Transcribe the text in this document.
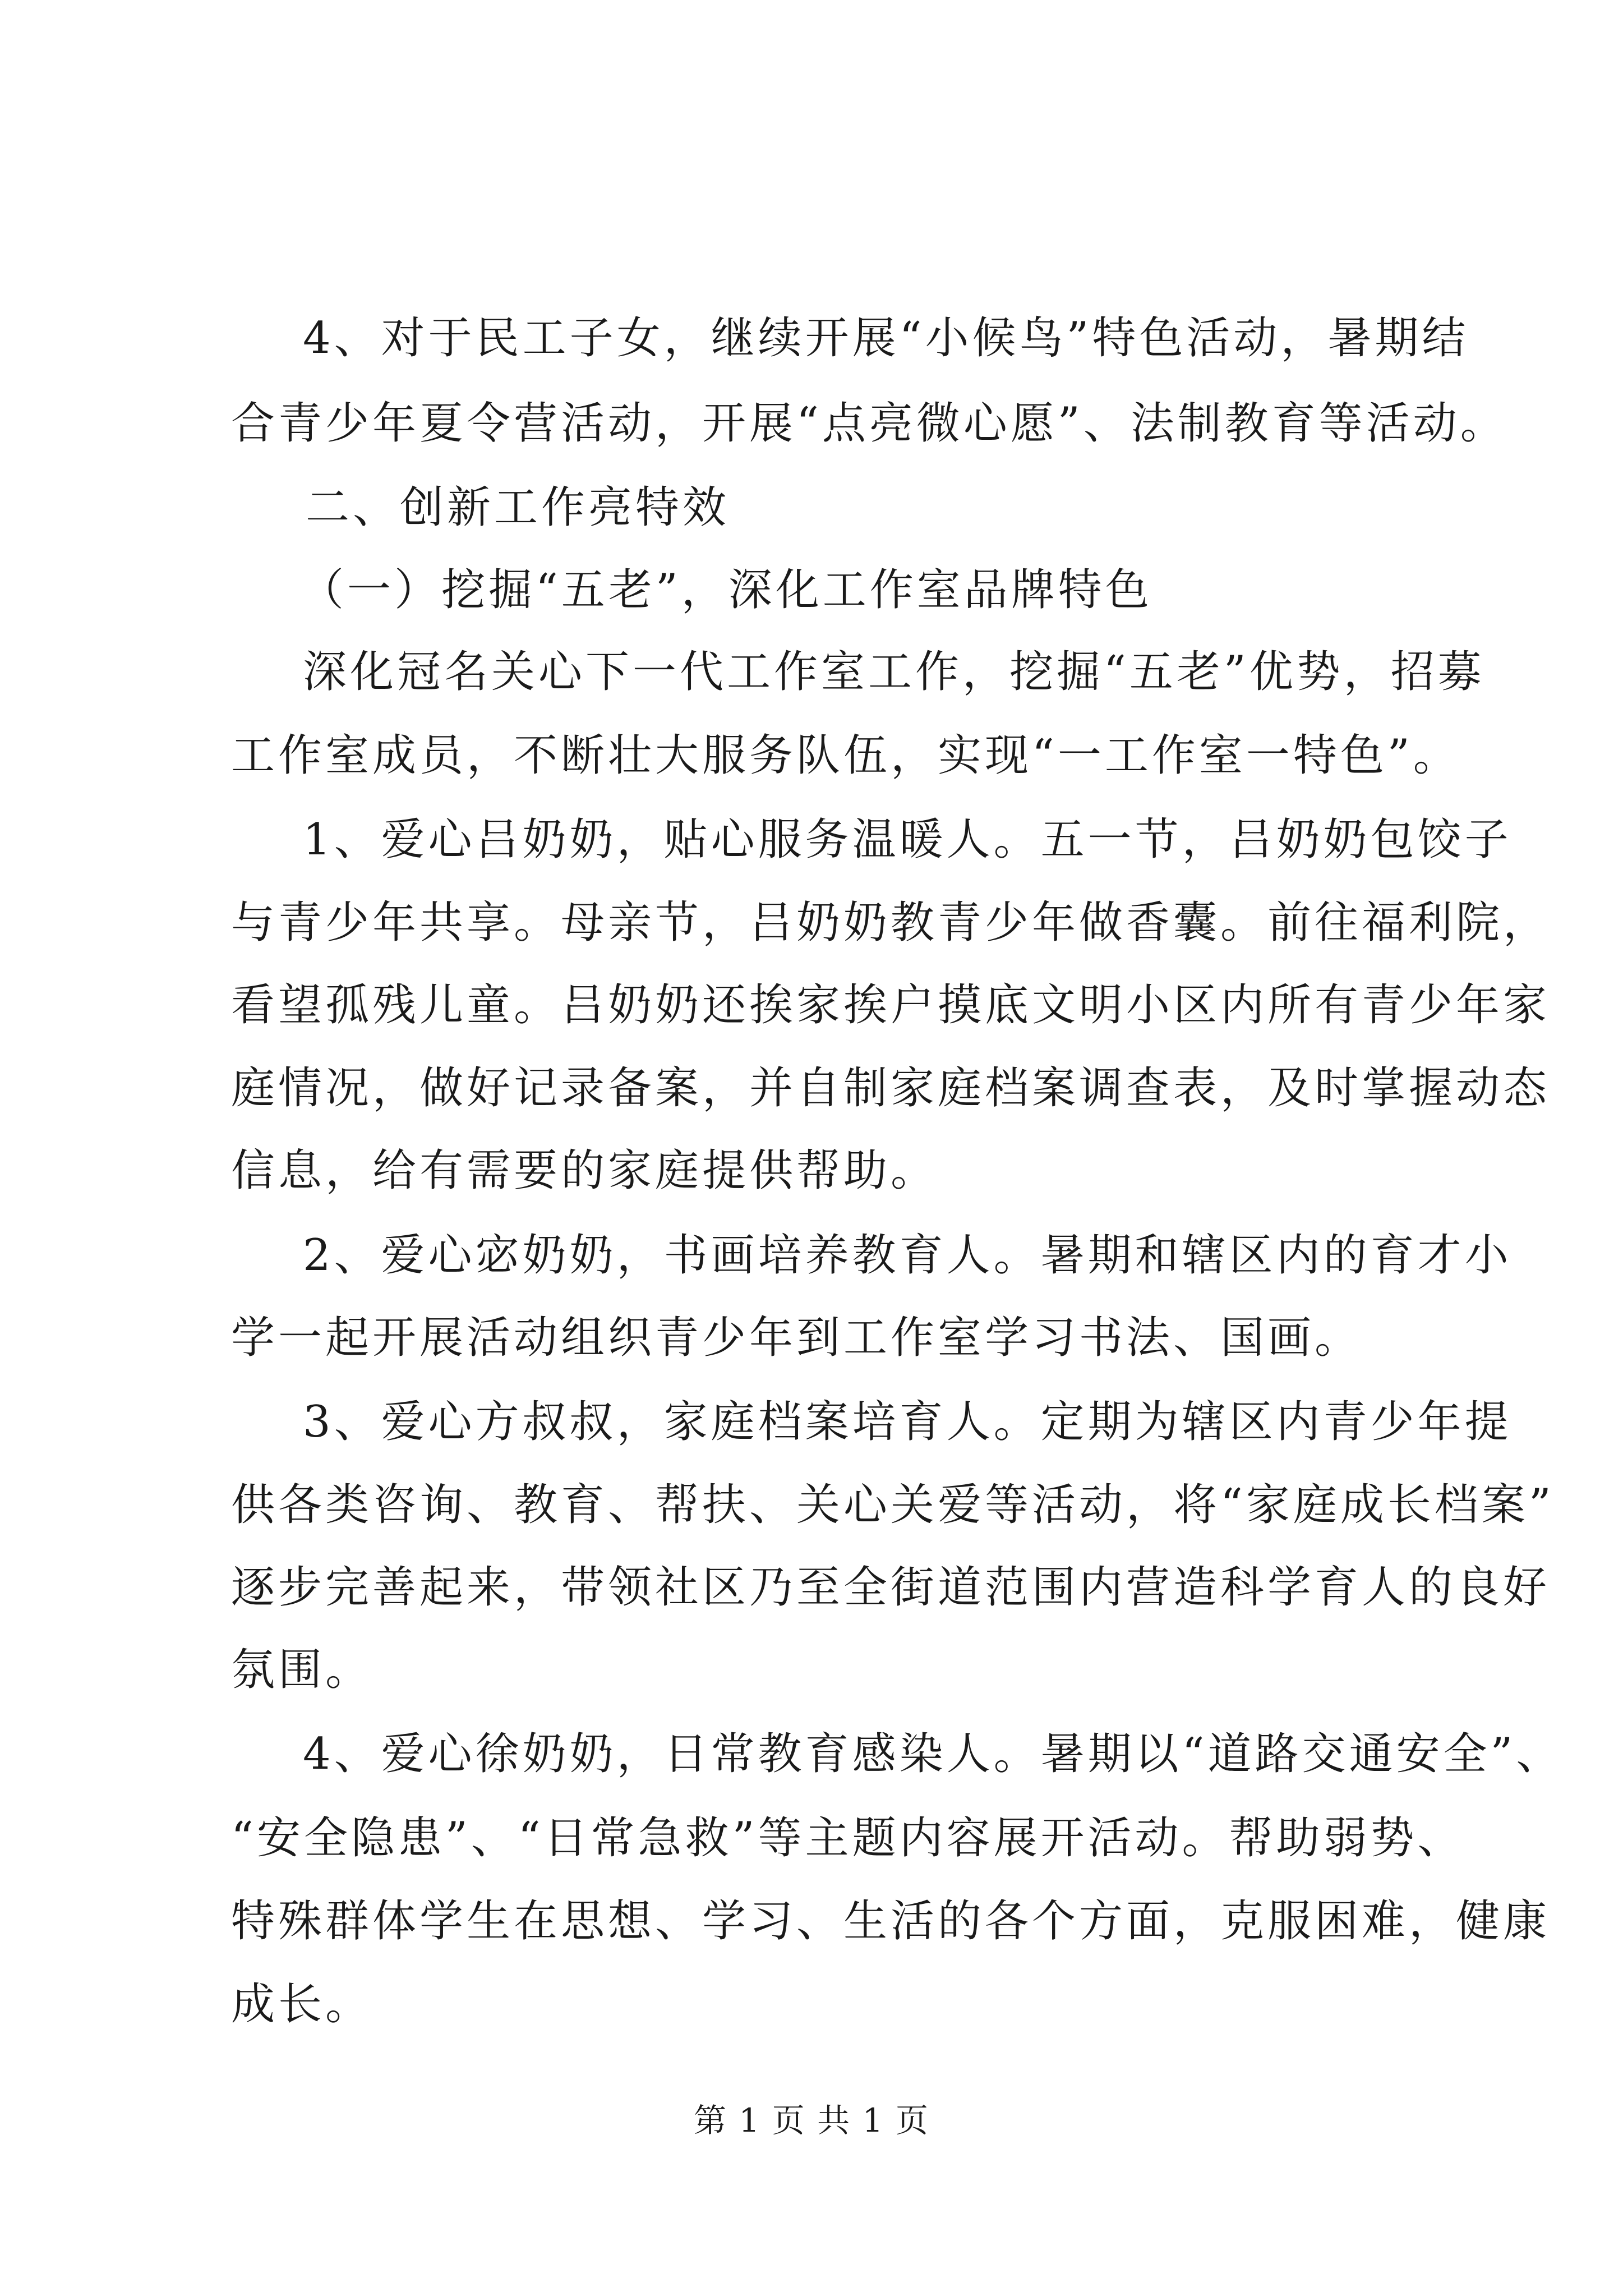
4、对于民工子女，继续开展“小候鸟”特色活动，暑期结
合青少年夏令营活动，开展“点亮微心愿”、法制教育等活动。
二、创新工作亮特效
（一）挖掘“五老”，深化工作室品牌特色
深化冠名关心下一代工作室工作，挖掘“五老”优势，招募
工作室成员，不断壮大服务队伍，实现“一工作室一特色”。
1、爱心吕奶奶，贴心服务温暖人。五一节，吕奶奶包饺子
与青少年共享。母亲节，吕奶奶教青少年做香囊。前往福利院，
看望孤残儿童。吕奶奶还挨家挨户摸底文明小区内所有青少年家
庭情况，做好记录备案，并自制家庭档案调查表，及时掌握动态
信息，给有需要的家庭提供帮助。
2、爱心宓奶奶，书画培养教育人。暑期和辖区内的育才小
学一起开展活动组织青少年到工作室学习书法、国画。
3、爱心方叔叔，家庭档案培育人。定期为辖区内青少年提
供各类咨询、教育、帮扶、关心关爱等活动，将“家庭成长档案”
逐步完善起来，带领社区乃至全街道范围内营造科学育人的良好
氛围。
4、爱心徐奶奶，日常教育感染人。暑期以“道路交通安全”、
“安全隐患”、“日常急救”等主题内容展开活动。帮助弱势、
特殊群体学生在思想、学习、生活的各个方面，克服困难，健康
成长。
第 1 页 共 1 页
